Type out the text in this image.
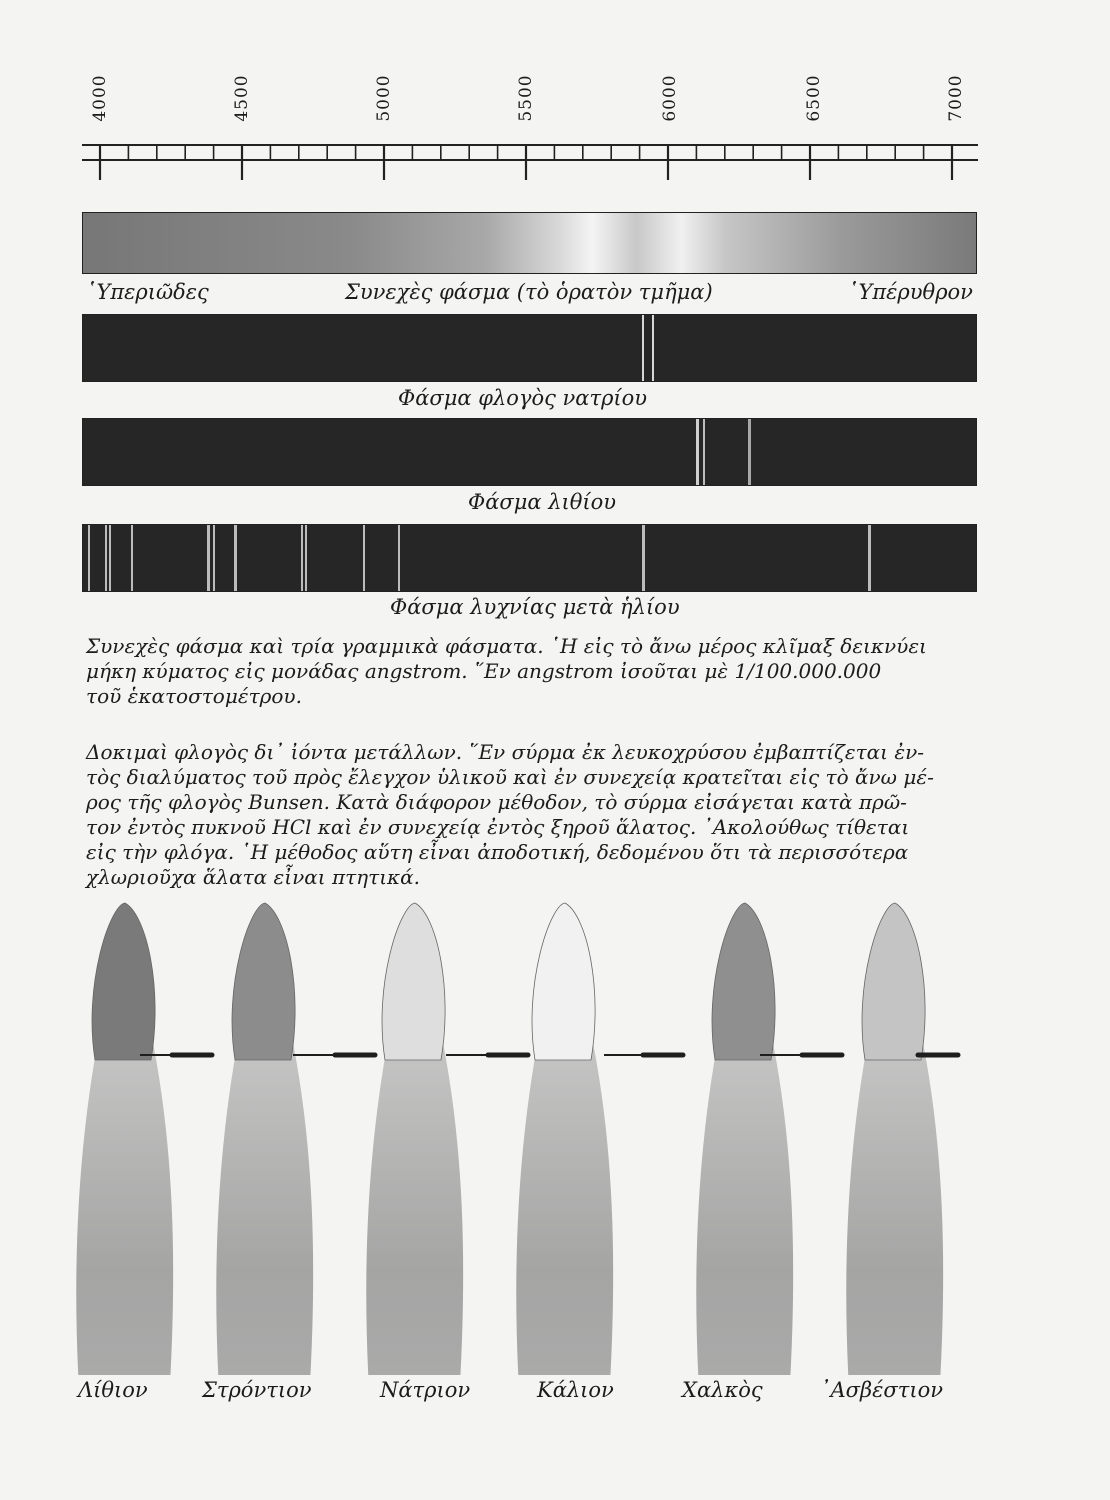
4000	4500	5000	5500	6000	6500	7000
῾Υπεριῶδες	Συνεχὲς φάσμα (τὸ ὁρατὸν τμῆμα)	῾Υπέρυθρον
Φάσμα φλογὸς νατρίου
Φάσμα λιθίου
Φάσμα λυχνίας μετὰ ἡλίου
Συνεχὲς φάσμα καὶ τρία γραμμικὰ φάσματα. ῾Η εἰς τὸ ἄνω μέρος κλῖμαξ δεικνύει
μήκη κύματος εἰς μονάδας angstrom. ῞Εν angstrom ἰσοῦται μὲ 1/100.000.000
τοῦ ἑκατοστομέτρου.
Δοκιμαὶ φλογὸς δι᾽ ἰόντα μετάλλων. ῞Εν σύρμα ἐκ λευκοχρύσου ἐμβαπτίζεται ἐν-
τὸς διαλύματος τοῦ πρὸς ἔλεγχον ὑλικοῦ καὶ ἐν συνεχείᾳ κρατεῖται εἰς τὸ ἄνω μέ-
ρος τῆς φλογὸς Bunsen. Κατὰ διάφορον μέθοδον, τὸ σύρμα εἰσάγεται κατὰ πρῶ-
τον ἐντὸς πυκνοῦ HCl καὶ ἐν συνεχείᾳ ἐντὸς ξηροῦ ἅλατος. ᾽Ακολούθως τίθεται
εἰς τὴν φλόγα. ῾Η μέθοδος αὕτη εἶναι ἀποδοτική, δεδομένου ὅτι τὰ περισσότερα
χλωριοῦχα ἅλατα εἶναι πτητικά.
Λίθιον	Στρόντιον	Νάτριον	Κάλιον	Χαλκὸς	᾽Ασβέστιον
